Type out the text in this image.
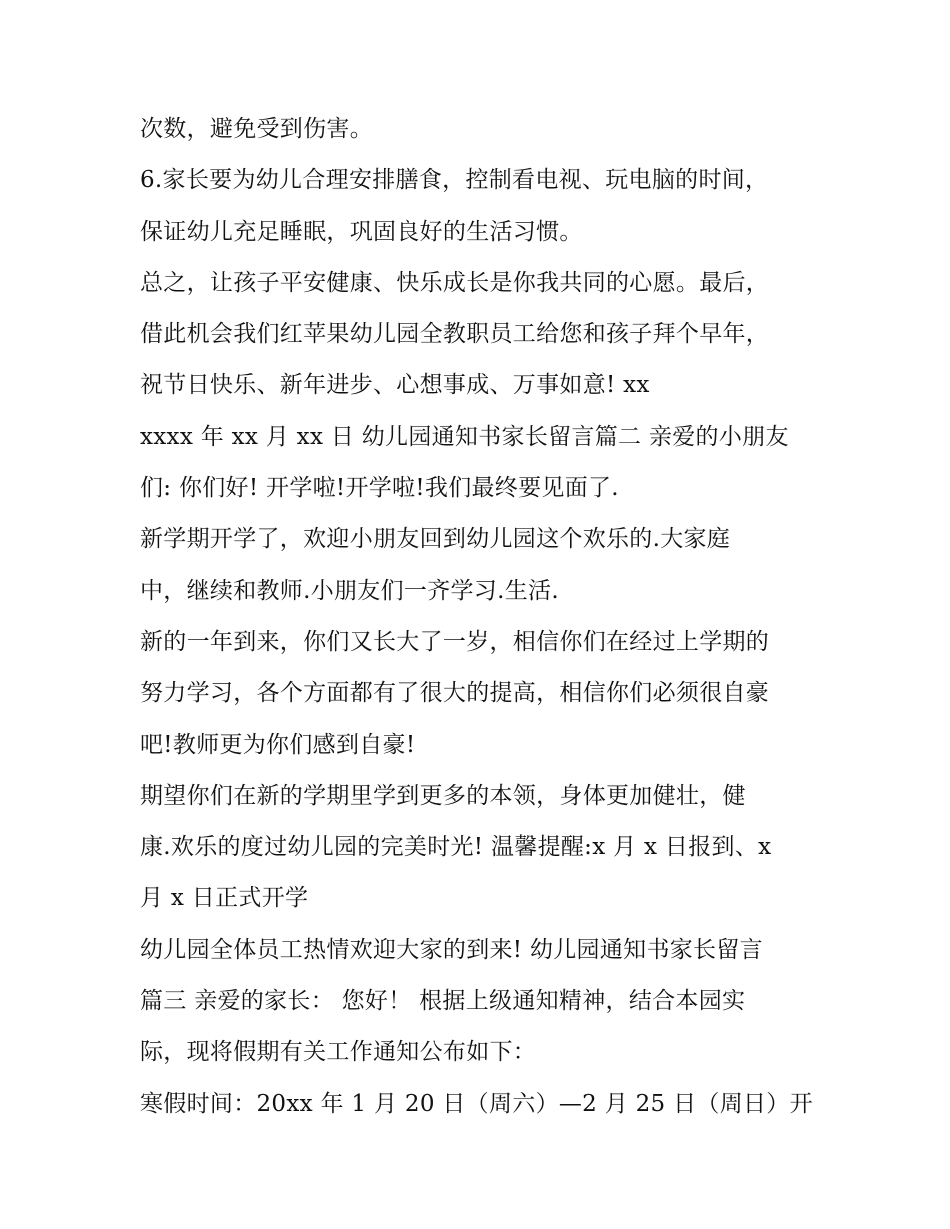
次数，避免受到伤害。
6.家长要为幼儿合理安排膳食，控制看电视、玩电脑的时间，
保证幼儿充足睡眠，巩固良好的生活习惯。
总之，让孩子平安健康、快乐成长是你我共同的心愿。最后，
借此机会我们红苹果幼儿园全教职员工给您和孩子拜个早年，
祝节日快乐、新年进步、心想事成、万事如意! xx
xxxx 年 xx 月 xx 日 幼儿园通知书家长留言篇二 亲爱的小朋友
们: 你们好! 开学啦!开学啦!我们最终要见面了.
新学期开学了，欢迎小朋友回到幼儿园这个欢乐的.大家庭
中，继续和教师.小朋友们一齐学习.生活.
新的一年到来，你们又长大了一岁，相信你们在经过上学期的
努力学习，各个方面都有了很大的提高，相信你们必须很自豪
吧!教师更为你们感到自豪!
期望你们在新的学期里学到更多的本领，身体更加健壮，健
康.欢乐的度过幼儿园的完美时光! 温馨提醒:x 月 x 日报到、x
月 x 日正式开学
幼儿园全体员工热情欢迎大家的到来! 幼儿园通知书家长留言
篇三 亲爱的家长： 您好！ 根据上级通知精神，结合本园实
际，现将假期有关工作通知公布如下：
寒假时间：20xx 年 1 月 20 日（周六）—2 月 25 日（周日）开
